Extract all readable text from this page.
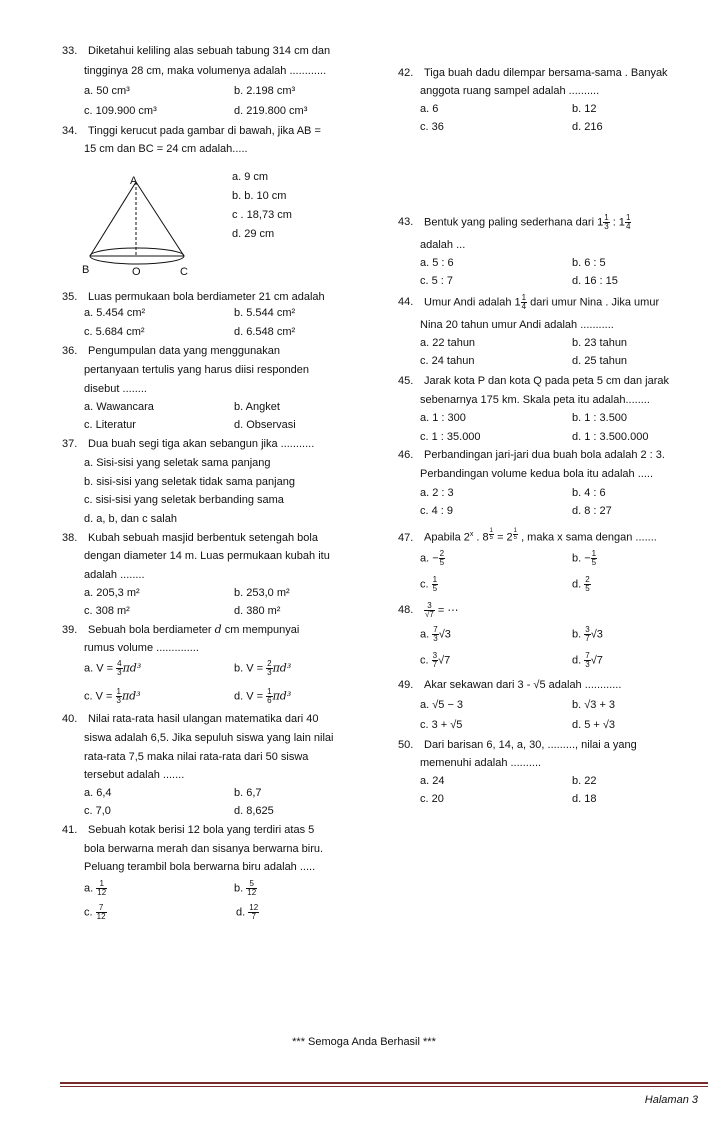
33. Diketahui keliling alas sebuah tabung 314 cm dan
tingginya 28 cm, maka volumenya adalah ............
a. 50 cm³	b. 2.198 cm³
c. 109.900 cm³	d. 219.800 cm³
34. Tinggi kerucut pada gambar di bawah, jika AB =
15 cm dan BC = 24 cm adalah.....
A
B	O	C
a. 9 cm
b. b. 10 cm
c . 18,73 cm
d. 29 cm
35. Luas permukaan bola berdiameter 21 cm adalah
a. 5.454 cm²	b. 5.544 cm²
c. 5.684 cm²	d. 6.548 cm²
36. Pengumpulan data yang menggunakan
pertanyaan tertulis yang harus diisi responden
disebut ........
a. Wawancara	b. Angket
c. Literatur	d. Observasi
37. Dua buah segi tiga akan sebangun jika ...........
a. Sisi-sisi yang seletak sama panjang
b. sisi-sisi yang seletak tidak sama panjang
c. sisi-sisi yang seletak berbanding sama
d. a, b, dan c salah
38. Kubah sebuah masjid berbentuk setengah bola
dengan diameter 14 m. Luas permukaan kubah itu
adalah ........
a. 205,3 m²	b. 253,0 m²
c. 308 m²	d. 380 m²
39. Sebuah bola berdiameter d cm mempunyai
rumus volume ..............
a. $V = \frac{4}{3} \pi d^3$	b. $V = \frac{2}{3} \pi d^3$
c. $V = \frac{1}{3} \pi d^3$	d. $V = \frac{1}{6} \pi d^3$
40. Nilai rata-rata hasil ulangan matematika dari 40
siswa adalah 6,5. Jika sepuluh siswa yang lain nilai
rata-rata 7,5 maka nilai rata-rata dari 50 siswa
tersebut adalah .......
a. 6,4	b. 6,7
c. 7,0	d. 8,625
41. Sebuah kotak berisi 12 bola yang terdiri atas 5
bola berwarna merah dan sisanya berwarna biru.
Peluang terambil bola berwarna biru adalah .....
a. $\frac{1}{12}$	b. $\frac{5}{12}$
c. $\frac{7}{12}$	d. $\frac{12}{7}$
42. Tiga buah dadu dilempar bersama-sama . Banyak
anggota ruang sampel adalah ..........
a. 6	b. 12
c. 36	d. 216
43. Bentuk yang paling sederhana dari $1 \frac{1}{3}$ : $1 \frac{1}{4}$
adalah ...
a. 5 : 6	b. 6 : 5
c. 5 : 7	d. 16 : 15
44. Umur Andi adalah $1 \frac{1}{4}$ dari umur Nina . Jika umur
Nina 20 tahun umur Andi adalah ...........
a. 22 tahun	b. 23 tahun
c. 24 tahun	d. 25 tahun
45. Jarak kota P dan kota Q pada peta 5 cm dan jarak
sebenarnya 175 km. Skala peta itu adalah........
a. 1 : 300	b. 1 : 3.500
c. 1 : 35.000	d. 1 : 3.500.000
46. Perbandingan jari-jari dua buah bola adalah 2 : 3.
Perbandingan volume kedua bola itu adalah .....
a. 2 : 3	b. 4 : 6
c. 4 : 9	d. 8 : 27
47. Apabila 2$^x$ . $8 \frac{1}{5} = 2 \frac{1}{5}$ , maka x sama dengan .......
a. − $\frac{2}{5}$	b. − $\frac{1}{5}$
c. $\frac{1}{5}$	d. $\frac{2}{5}$
48. $\frac{3}{√7}$ = ⋯
a. $\frac{7}{3} √3$	b. $\frac{3}{7} √3$
c. $\frac{3}{7} √7$	d. $\frac{7}{3} √7$
49. Akar sekawan dari 3 - √5 adalah ............
a. √5 − 3	b. √3 + 3
c. 3 + √5	d. 5 + √3
50. Dari barisan 6, 14, a, 30, ........., nilai a yang
memenuhi adalah ..........
a. 24	b. 22
c. 20	d. 18
*** Semoga Anda Berhasil ***
Halaman 3
